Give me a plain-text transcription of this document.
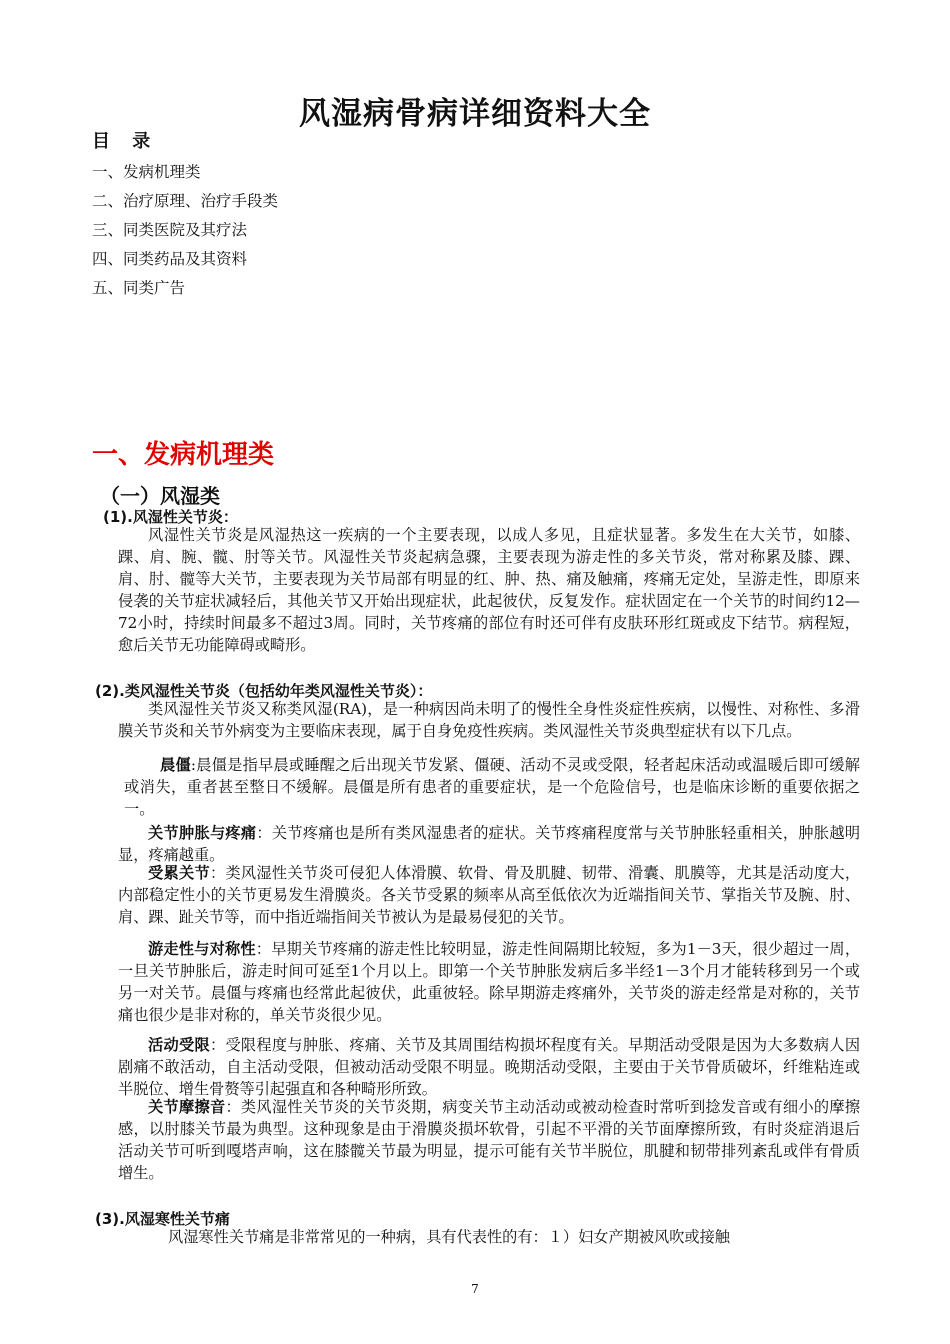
风湿病骨病详细资料大全
目 录
一、发病机理类
二、治疗原理、治疗手段类
三、同类医院及其疗法
四、同类药品及其资料
五、同类广告
一、发病机理类
（一）风湿类
(1).风湿性关节炎：
风湿性关节炎是风湿热这一疾病的一个主要表现，以成人多见，且症状显著。多发生在大关节，如膝、踝、肩、腕、髋、肘等关节。风湿性关节炎起病急骤，主要表现为游走性的多关节炎，常对称累及膝、踝、肩、肘、髋等大关节，主要表现为关节局部有明显的红、肿、热、痛及触痛，疼痛无定处，呈游走性，即原来侵袭的关节症状减轻后，其他关节又开始出现症状，此起彼伏，反复发作。症状固定在一个关节的时间约12—72小时，持续时间最多不超过3周。同时，关节疼痛的部位有时还可伴有皮肤环形红斑或皮下结节。病程短，愈后关节无功能障碍或畸形。
(2).类风湿性关节炎（包括幼年类风湿性关节炎）：
类风湿性关节炎又称类风湿(RA)，是一种病因尚未明了的慢性全身性炎症性疾病，以慢性、对称性、多滑膜关节炎和关节外病变为主要临床表现，属于自身免疫性疾病。类风湿性关节炎典型症状有以下几点。
晨僵:晨僵是指早晨或睡醒之后出现关节发紧、僵硬、活动不灵或受限，轻者起床活动或温暖后即可缓解或消失，重者甚至整日不缓解。晨僵是所有患者的重要症状，是一个危险信号，也是临床诊断的重要依据之一。
关节肿胀与疼痛：关节疼痛也是所有类风湿患者的症状。关节疼痛程度常与关节肿胀轻重相关，肿胀越明显，疼痛越重。
受累关节：类风湿性关节炎可侵犯人体滑膜、软骨、骨及肌腱、韧带、滑囊、肌膜等，尤其是活动度大，内部稳定性小的关节更易发生滑膜炎。各关节受累的频率从高至低依次为近端指间关节、掌指关节及腕、肘、肩、踝、趾关节等，而中指近端指间关节被认为是最易侵犯的关节。
游走性与对称性：早期关节疼痛的游走性比较明显，游走性间隔期比较短，多为1－3天，很少超过一周，一旦关节肿胀后，游走时间可延至1个月以上。即第一个关节肿胀发病后多半经1－3个月才能转移到另一个或另一对关节。晨僵与疼痛也经常此起彼伏，此重彼轻。除早期游走疼痛外，关节炎的游走经常是对称的，关节痛也很少是非对称的，单关节炎很少见。
活动受限：受限程度与肿胀、疼痛、关节及其周围结构损坏程度有关。早期活动受限是因为大多数病人因剧痛不敢活动，自主活动受限，但被动活动受限不明显。晚期活动受限，主要由于关节骨质破坏，纤维粘连或半脱位、增生骨赘等引起强直和各种畸形所致。
关节摩擦音：类风湿性关节炎的关节炎期，病变关节主动活动或被动检查时常听到捻发音或有细小的摩擦感，以肘膝关节最为典型。这种现象是由于滑膜炎损坏软骨，引起不平滑的关节面摩擦所致，有时炎症消退后活动关节可听到嘎塔声响，这在膝髋关节最为明显，提示可能有关节半脱位，肌腱和韧带排列紊乱或伴有骨质增生。
(3).风湿寒性关节痛
风湿寒性关节痛是非常常见的一种病，具有代表性的有：１）妇女产期被风吹或接触
7
